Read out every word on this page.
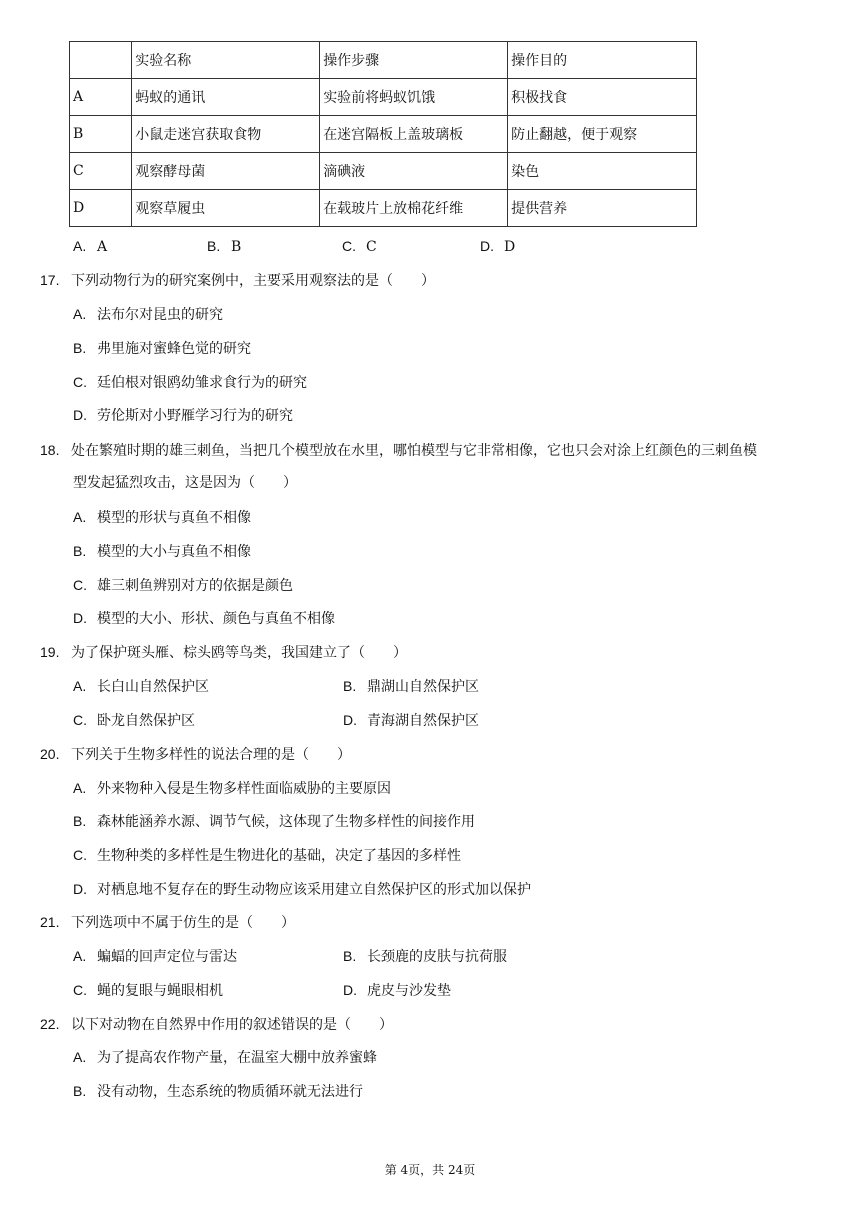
	实验名称	操作步骤	操作目的
A	蚂蚁的通讯	实验前将蚂蚁饥饿	积极找食
B	小鼠走迷宫获取食物	在迷宫隔板上盖玻璃板	防止翻越，便于观察
C	观察酵母菌	滴碘液	染色
D	观察草履虫	在载玻片上放棉花纤维	提供营养
A. A	B. B	C. C	D. D
17. 下列动物行为的研究案例中，主要采用观察法的是（　　）
A. 法布尔对昆虫的研究
B. 弗里施对蜜蜂色觉的研究
C. 廷伯根对银鸥幼雏求食行为的研究
D. 劳伦斯对小野雁学习行为的研究
18. 处在繁殖时期的雄三刺鱼，当把几个模型放在水里，哪怕模型与它非常相像，它也只会对涂上红颜色的三刺鱼模
型发起猛烈攻击，这是因为（　　）
A. 模型的形状与真鱼不相像
B. 模型的大小与真鱼不相像
C. 雄三刺鱼辨别对方的依据是颜色
D. 模型的大小、形状、颜色与真鱼不相像
19. 为了保护斑头雁、棕头鸥等鸟类，我国建立了（　　）
A. 长白山自然保护区	B. 鼎湖山自然保护区
C. 卧龙自然保护区	D. 青海湖自然保护区
20. 下列关于生物多样性的说法合理的是（　　）
A. 外来物种入侵是生物多样性面临威胁的主要原因
B. 森林能涵养水源、调节气候，这体现了生物多样性的间接作用
C. 生物种类的多样性是生物进化的基础，决定了基因的多样性
D. 对栖息地不复存在的野生动物应该采用建立自然保护区的形式加以保护
21. 下列选项中不属于仿生的是（　　）
A. 蝙蝠的回声定位与雷达	B. 长颈鹿的皮肤与抗荷服
C. 蝇的复眼与蝇眼相机	D. 虎皮与沙发垫
22. 以下对动物在自然界中作用的叙述错误的是（　　）
A. 为了提高农作物产量，在温室大棚中放养蜜蜂
B. 没有动物，生态系统的物质循环就无法进行
第 4页，共 24页
